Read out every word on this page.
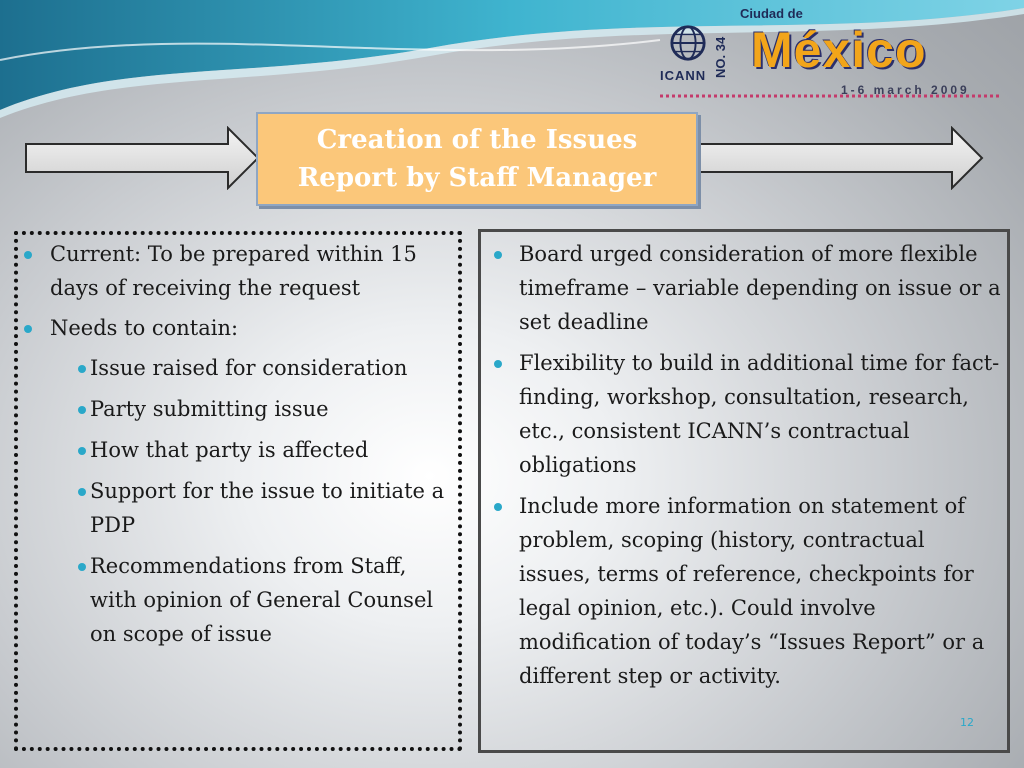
ICANN NO. 34
Ciudad de
México
1-6 march 2009
Creation of the Issues
Report by Staff Manager
Current: To be prepared within 15 days of receiving the request
Needs to contain:
Issue raised for consideration
Party submitting issue
How that party is affected
Support for the issue to initiate a PDP
Recommendations from Staff, with opinion of General Counsel on scope of issue
Board urged consideration of more flexible timeframe – variable depending on issue or a set deadline
Flexibility to build in additional time for fact-finding, workshop, consultation, research, etc., consistent ICANN’s contractual obligations
Include more information on statement of problem, scoping (history, contractual issues, terms of reference, checkpoints for legal opinion, etc.). Could involve modification of today’s “Issues Report” or a different step or activity.
12
